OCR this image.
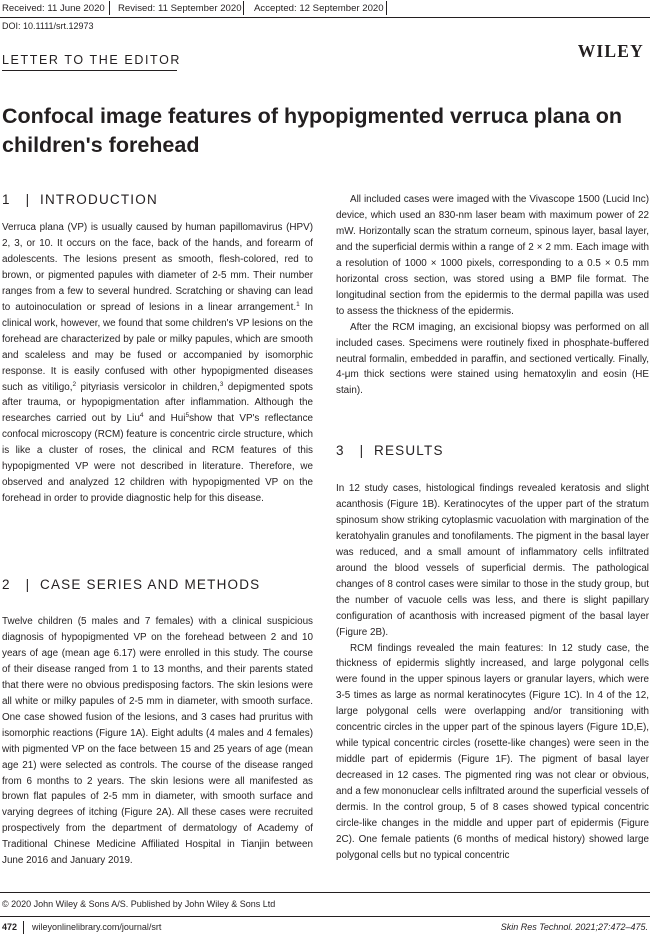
Received: 11 June 2020 Revised: 11 September 2020 Accepted: 12 September 2020
DOI: 10.1111/srt.12973
LETTER TO THE EDITOR	WILEY
Confocal image features of hypopigmented verruca plana on children's forehead
1 | INTRODUCTION

Verruca plana (VP) is usually caused by human papillomavirus (HPV) 2, 3, or 10. It occurs on the face, back of the hands, and forearm of adolescents. The lesions present as smooth, flesh-colored, red to brown, or pigmented papules with diameter of 2-5 mm. Their number ranges from a few to several hundred. Scratching or shaving can lead to autoinoculation or spread of lesions in a linear arrangement.$^1$ In clinical work, however, we found that some children's VP lesions on the forehead are characterized by pale or milky papules, which are smooth and scaleless and may be fused or accompanied by isomorphic response. It is easily confused with other hypopigmented diseases such as vitiligo,$^2$ pityriasis versicolor in children,$^3$ depigmented spots after trauma, or hypopigmentation after inflammation. Although the researches carried out by Liu$^4$ and Hui$^5$show that VP's reflectance confocal microscopy (RCM) feature is concentric circle structure, which is like a cluster of roses, the clinical and RCM features of this hypopigmented VP were not described in literature. Therefore, we observed and analyzed 12 children with hypopigmented VP on the forehead in order to provide diagnostic help for this disease.

2 | CASE SERIES AND METHODS

Twelve children (5 males and 7 females) with a clinical suspicious diagnosis of hypopigmented VP on the forehead between 2 and 10 years of age (mean age 6.17) were enrolled in this study. The course of their disease ranged from 1 to 13 months, and their parents stated that there were no obvious predisposing factors. The skin lesions were all white or milky papules of 2-5 mm in diameter, with smooth surface. One case showed fusion of the lesions, and 3 cases had pruritus with isomorphic reactions (Figure 1A). Eight adults (4 males and 4 females) with pigmented VP on the face between 15 and 25 years of age (mean age 21) were selected as controls. The course of the disease ranged from 6 months to 2 years. The skin lesions were all manifested as brown flat papules of 2-5 mm in diameter, with smooth surface and varying degrees of itching (Figure 2A). All these cases were recruited prospectively from the department of dermatology of Academy of Traditional Chinese Medicine Affiliated Hospital in Tianjin between June 2016 and January 2019.

All included cases were imaged with the Vivascope 1500 (Lucid Inc) device, which used an 830-nm laser beam with maximum power of 22 mW. Horizontally scan the stratum corneum, spinous layer, basal layer, and the superficial dermis within a range of 2 × 2 mm. Each image with a resolution of 1000 × 1000 pixels, corresponding to a 0.5 × 0.5 mm horizontal cross section, was stored using a BMP file format. The longitudinal section from the epidermis to the dermal papilla was used to assess the thickness of the epidermis.

After the RCM imaging, an excisional biopsy was performed on all included cases. Specimens were routinely fixed in phosphate-buffered neutral formalin, embedded in paraffin, and sectioned vertically. Finally, 4-μm thick sections were stained using hematoxylin and eosin (HE stain).

3 | RESULTS

In 12 study cases, histological findings revealed keratosis and slight acanthosis (Figure 1B). Keratinocytes of the upper part of the stratum spinosum show striking cytoplasmic vacuolation with margination of the keratohyalin granules and tonofilaments. The pigment in the basal layer was reduced, and a small amount of inflammatory cells infiltrated around the blood vessels of superficial dermis. The pathological changes of 8 control cases were similar to those in the study group, but the number of vacuole cells was less, and there is slight papillary configuration of acanthosis with increased pigment of the basal layer (Figure 2B).

RCM findings revealed the main features: In 12 study case, the thickness of epidermis slightly increased, and large polygonal cells were found in the upper spinous layers or granular layers, which were 3-5 times as large as normal keratinocytes (Figure 1C). In 4 of the 12, large polygonal cells were overlapping and/or transitioning with concentric circles in the upper part of the spinous layers (Figure 1D,E), while typical concentric circles (rosette-like changes) were seen in the middle part of epidermis (Figure 1F). The pigment of basal layer decreased in 12 cases. The pigmented ring was not clear or obvious, and a few mononuclear cells infiltrated around the superficial vessels of dermis. In the control group, 5 of 8 cases showed typical concentric circle-like changes in the middle and upper part of epidermis (Figure 2C). One female patients (6 months of medical history) showed large polygonal cells but no typical concentric

© 2020 John Wiley & Sons A/S. Published by John Wiley & Sons Ltd
472 wileyonlinelibrary.com/journal/srt	Skin Res Technol. 2021;27:472–475.
